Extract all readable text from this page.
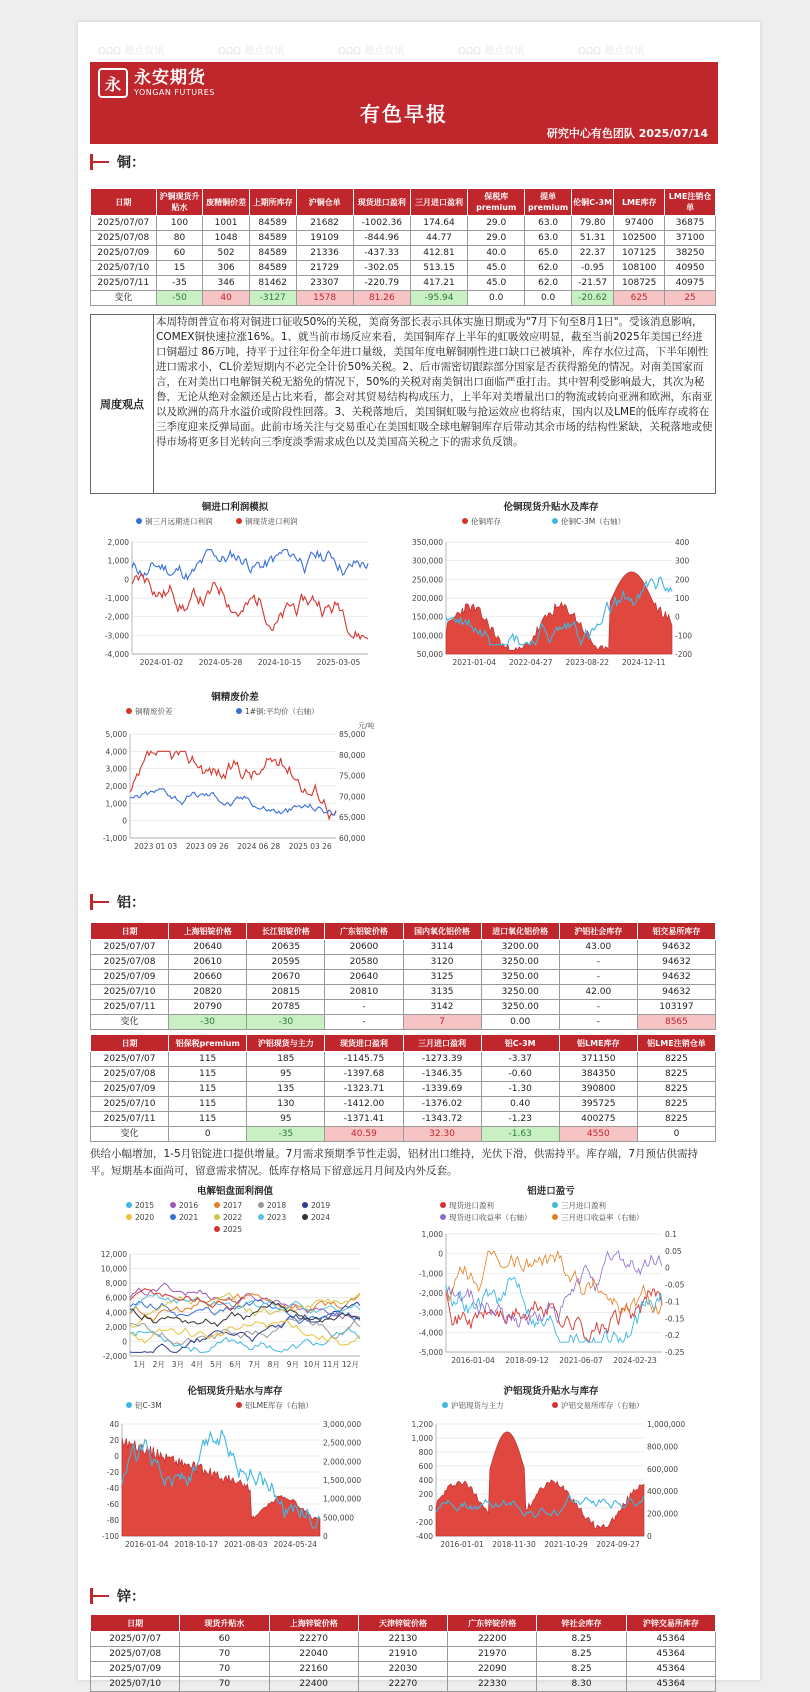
ΩΩΩ 源点资讯	ΩΩΩ 源点资讯	ΩΩΩ 源点资讯	ΩΩΩ 源点资讯	ΩΩΩ 源点资讯
永 永安期货
YONGAN FUTURES
有色早报
研究中心有色团队 2025/07/14
铜：
日期	沪铜现货升贴水	废精铜价差	上期所库存	沪铜仓单	现货进口盈利	三月进口盈利	保税库premium	提单premium	伦铜C-3M	LME库存	LME注销仓单
2025/07/07	100	1001	84589	21682	-1002.36	174.64	29.0	63.0	79.80	97400	36875
2025/07/08	80	1048	84589	19109	-844.96	44.77	29.0	63.0	51.31	102500	37100
2025/07/09	60	502	84589	21336	-437.33	412.81	40.0	65.0	22.37	107125	38250
2025/07/10	15	306	84589	21729	-302.05	513.15	45.0	62.0	-0.95	108100	40950
2025/07/11	-35	346	81462	23307	-220.79	417.21	45.0	62.0	-21.57	108725	40975
变化	-50	40	-3127	1578	81.26	-95.94	0.0	0.0	-20.62	625	25
周度观点
本周特朗普宣布将对铜进口征收50%的关税，美商务部长表示具体实施日期或为"7月下旬至8月1日"。受该消息影响， COMEX铜快速拉涨16%。1、就当前市场反应来看，美国铜库存上半年的虹吸效应明显，截至当前2025年美国已经进口铜超过 86万吨，持平于过往年份全年进口量级，美国年度电解铜刚性进口缺口已被填补，库存水位过高，下半年刚性进口需求小，CL价差短期内不必完全计价50%关税。2、后市需密切跟踪部分国家是否获得豁免的情况。对南美国家而言，在对美出口电解铜关税无豁免的情况下，50%的关税对南美铜出口面临严重打击。其中智利受影响最大，其次为秘鲁，无论从绝对金额还是占比来看，都会对其贸易结构构成压力，上半年对美增量出口的物流或转向亚洲和欧洲，东南亚以及欧洲的高升水溢价或阶段性回落。3、关税落地后，美国铜虹吸与抢运效应也将结束，国内以及LME的低库存或将在三季度迎来反弹局面。此前市场关注与交易重心在美国虹吸全球电解铜库存后带动其余市场的结构性紧缺，关税落地或使得市场将更多目光转向三季度淡季需求成色以及美国高关税之下的需求负反馈。
铜进口利润模拟
铜三月远期进口利润	铜现货进口利润
2,000
1,000
0
-1,000
-2,000
-3,000
-4,000
2024-01-02 2024-05-28 2024-10-15 2025-03-05
伦铜现货升贴水及库存
伦铜库存	伦铜C-3M（右轴）
350,000
300,000
250,000
200,000
150,000
100,000
50,000
400
300
200
100
0
-100
-200
2021-01-04 2022-04-27 2023-08-22 2024-12-11
铜精废价差
铜精废价差	1#铜:平均价（右轴）
元/吨
5,000
4,000
3,000
2,000
1,000
0
-1,000
85,000
80,000
75,000
70,000
65,000
60,000
2023 01 03 2023 09 26 2024 06 28 2025 03 26
铝：
日期	上海铝锭价格	长江铝锭价格	广东铝锭价格	国内氧化铝价格	进口氧化铝价格	沪铝社会库存	铝交易所库存
2025/07/07	20640	20635	20600	3114	3200.00	43.00	94632
2025/07/08	20610	20595	20580	3120	3250.00	-	94632
2025/07/09	20660	20670	20640	3125	3250.00	-	94632
2025/07/10	20820	20815	20810	3135	3250.00	42.00	94632
2025/07/11	20790	20785	-	3142	3250.00	-	103197
变化	-30	-30	-	7	0.00	-	8565
日期	铝保税premium	沪铝现货与主力	现货进口盈利	三月进口盈利	铝C-3M	铝LME库存	铝LME注销仓单
2025/07/07	115	185	-1145.75	-1273.39	-3.37	371150	8225
2025/07/08	115	95	-1397.68	-1346.35	-0.60	384350	8225
2025/07/09	115	135	-1323.71	-1339.69	-1.30	390800	8225
2025/07/10	115	130	-1412.00	-1376.02	0.40	395725	8225
2025/07/11	115	95	-1371.41	-1343.72	-1.23	400275	8225
变化	0	-35	40.59	32.30	-1.63	4550	0
供给小幅增加，1-5月铝锭进口提供增量。7月需求预期季节性走弱，铝材出口维持，光伏下滑，供需持平。库存端，7月预估供需持平。短期基本面尚可，留意需求情况。低库存格局下留意远月月间及内外反套。
电解铝盘面利润值
2015	2016	2017	2018	2019
2020	2021	2022	2023	2024
2025
12,000
10,000
8,000
6,000
4,000
2,000
0
-2,000
1月 2月 3月 4月 5月 6月 7月 8月 9月 10月 11月 12月
铝进口盈亏
现货进口盈利	三月进口盈利
现货进口收益率（右轴）	三月进口收益率（右轴）
1,000
0
-1,000
-2,000
-3,000
-4,000
-5,000
0.1
0.05
0
-0.05
-0.1
-0.15
-0.2
-0.25
2016-01-04 2018-09-12 2021-06-07 2024-02-23
伦铝现货升贴水与库存
铝C-3M	铝LME库存（右轴）
40
20
0
-20
-40
-60
-80
-100
3,000,000
2,500,000
2,000,000
1,500,000
1,000,000
500,000
0
2016-01-04 2018-10-17 2021-08-03 2024-05-24
沪铝现货升贴水与库存
沪铝现货与主力	沪铝交易所库存（右轴）
1,200
1,000
800
600
400
200
0
-200
-400
1,000,000
800,000
600,000
400,000
200,000
0
2016-01-01 2018-11-30 2021-10-29 2024-09-27
锌：
日期	现货升贴水	上海锌锭价格	天津锌锭价格	广东锌锭价格	锌社会库存	沪锌交易所库存
2025/07/07	60	22270	22130	22200	8.25	45364
2025/07/08	70	22040	21910	21970	8.25	45364
2025/07/09	70	22160	22030	22090	8.25	45364
2025/07/10	70	22400	22270	22330	8.30	45364
